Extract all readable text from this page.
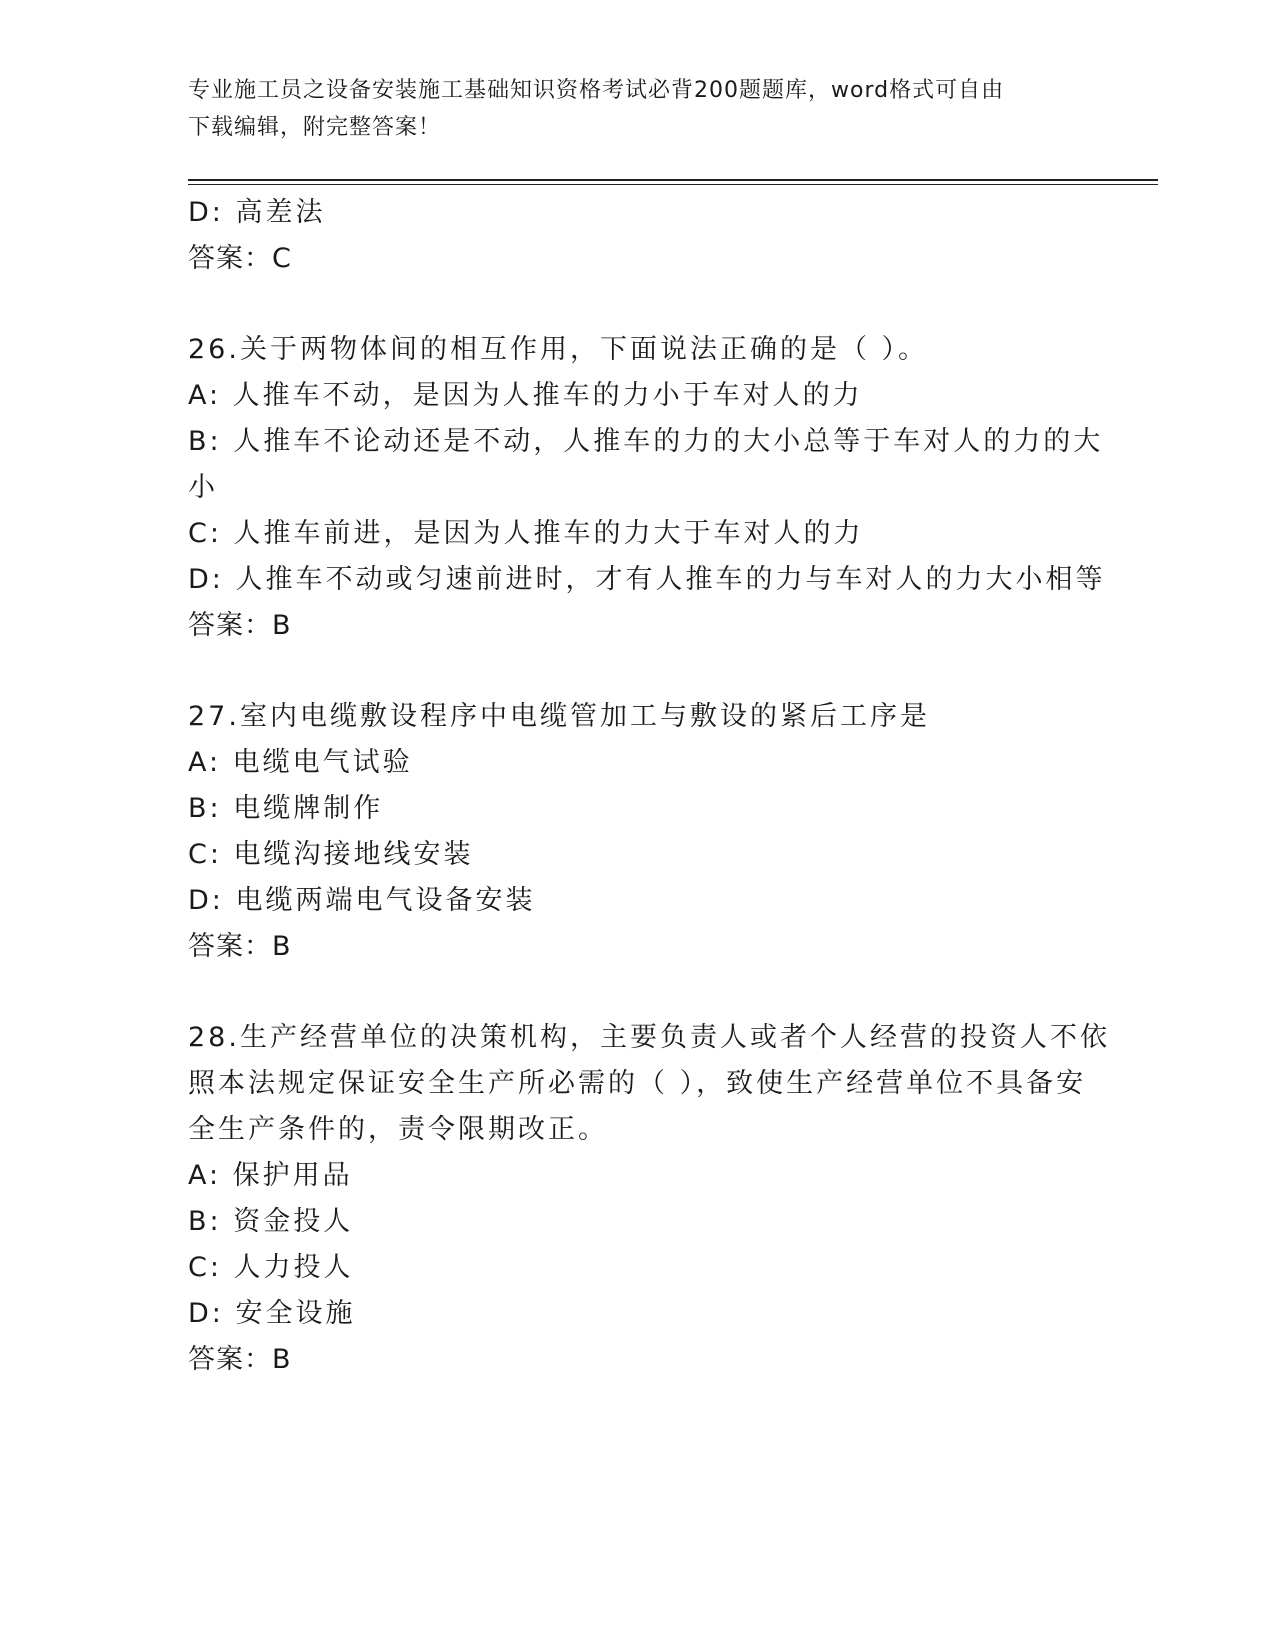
专业施工员之设备安装施工基础知识资格考试必背200题题库，word格式可自由
下载编辑，附完整答案！
D: 高差法
答案：C
26.关于两物体间的相互作用，下面说法正确的是（ ）。
A: 人推车不动，是因为人推车的力小于车对人的力
B: 人推车不论动还是不动，人推车的力的大小总等于车对人的力的大
小
C: 人推车前进，是因为人推车的力大于车对人的力
D: 人推车不动或匀速前进时，才有人推车的力与车对人的力大小相等
答案：B
27.室内电缆敷设程序中电缆管加工与敷设的紧后工序是
A: 电缆电气试验
B: 电缆牌制作
C: 电缆沟接地线安装
D: 电缆两端电气设备安装
答案：B
28.生产经营单位的决策机构，主要负责人或者个人经营的投资人不依
照本法规定保证安全生产所必需的（ ），致使生产经营单位不具备安
全生产条件的，责令限期改正。
A: 保护用品
B: 资金投人
C: 人力投人
D: 安全设施
答案：B
